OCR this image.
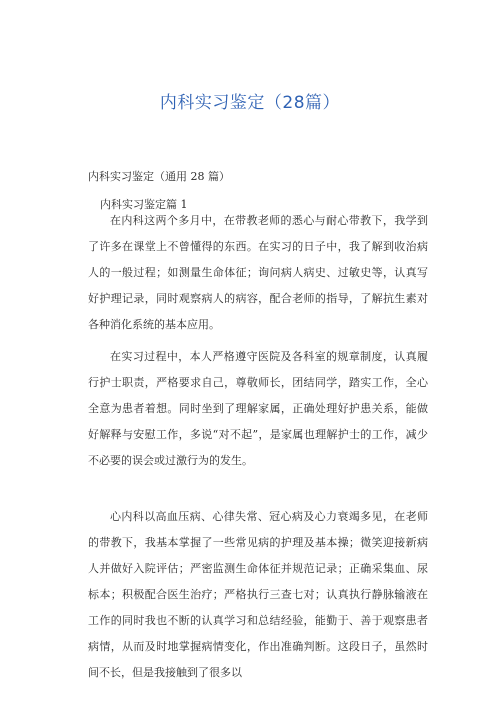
内科实习鉴定（28篇）
内科实习鉴定（通用 28 篇）
内科实习鉴定篇 1

在内科这两个多月中，在带教老师的悉心与耐心带教下，我学到了许多在课堂上不曾懂得的东西。在实习的日子中，我了解到收治病人的一般过程；如测量生命体征；询问病人病史、过敏史等，认真写好护理记录，同时观察病人的病容，配合老师的指导，了解抗生素对各种消化系统的基本应用。

在实习过程中，本人严格遵守医院及各科室的规章制度，认真履行护士职责，严格要求自己，尊敬师长，团结同学，踏实工作，全心全意为患者着想。同时坐到了理解家属，正确处理好护患关系，能做好解释与安慰工作，多说“对不起”，是家属也理解护士的工作，减少不必要的误会或过激行为的发生。

心内科以高血压病、心律失常、冠心病及心力衰竭多见，在老师的带教下，我基本掌握了一些常见病的护理及基本操；微笑迎接新病人并做好入院评估；严密监测生命体征并规范记录；正确采集血、尿标本；积极配合医生治疗；严格执行三查七对；认真执行静脉输液在工作的同时我也不断的认真学习和总结经验，能勤于、善于观察患者病情，从而及时地掌握病情变化，作出准确判断。这段日子，虽然时间不长，但是我接触到了很多以
